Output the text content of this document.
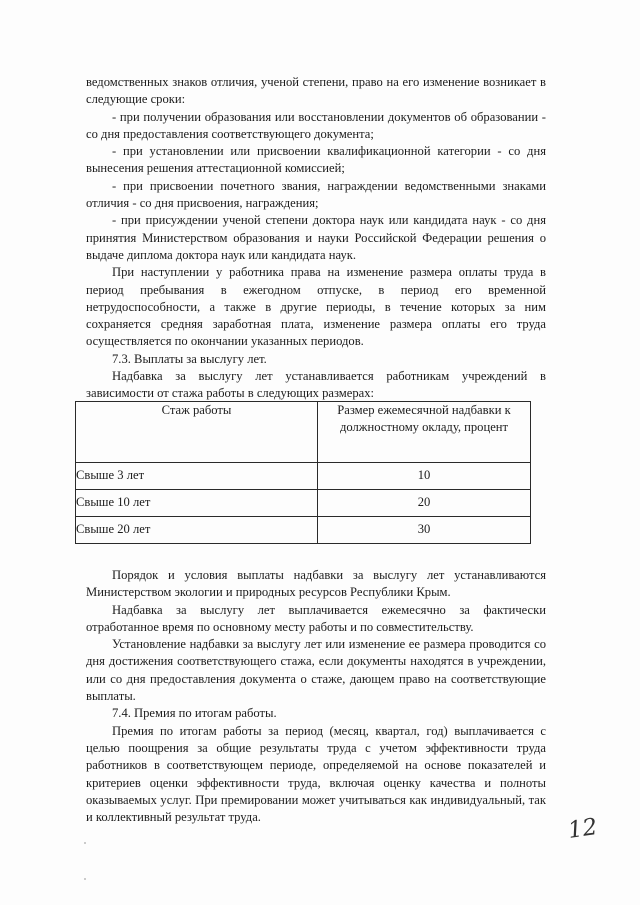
ведомственных знаков отличия, ученой степени, право на его изменение возникает в следующие сроки:

- при получении образования или восстановлении документов об образовании - со дня предоставления соответствующего документа;

- при установлении или присвоении квалификационной категории - со дня вынесения решения аттестационной комиссией;

- при присвоении почетного звания, награждении ведомственными знаками отличия - со дня присвоения, награждения;

- при присуждении ученой степени доктора наук или кандидата наук - со дня принятия Министерством образования и науки Российской Федерации решения о выдаче диплома доктора наук или кандидата наук.

При наступлении у работника права на изменение размера оплаты труда в период пребывания в ежегодном отпуске, в период его временной нетрудоспособности, а также в другие периоды, в течение которых за ним сохраняется средняя заработная плата, изменение размера оплаты его труда осуществляется по окончании указанных периодов.

7.3. Выплаты за выслугу лет.

Надбавка за выслугу лет устанавливается работникам учреждений в зависимости от стажа работы в следующих размерах:

Стаж работы	Размер ежемесячной надбавки к должностному окладу, процент
Свыше 3 лет	10
Свыше 10 лет	20
Свыше 20 лет	30

Порядок и условия выплаты надбавки за выслугу лет устанавливаются Министерством экологии и природных ресурсов Республики Крым.

Надбавка за выслугу лет выплачивается ежемесячно за фактически отработанное время по основному месту работы и по совместительству.

Установление надбавки за выслугу лет или изменение ее размера проводится со дня достижения соответствующего стажа, если документы находятся в учреждении, или со дня предоставления документа о стаже, дающем право на соответствующие выплаты.

7.4. Премия по итогам работы.

Премия по итогам работы за период (месяц, квартал, год) выплачивается с целью поощрения за общие результаты труда с учетом эффективности труда работников в соответствующем периоде, определяемой на основе показателей и критериев оценки эффективности труда, включая оценку качества и полноты оказываемых услуг. При премировании может учитываться как индивидуальный, так и коллективный результат труда.	12
